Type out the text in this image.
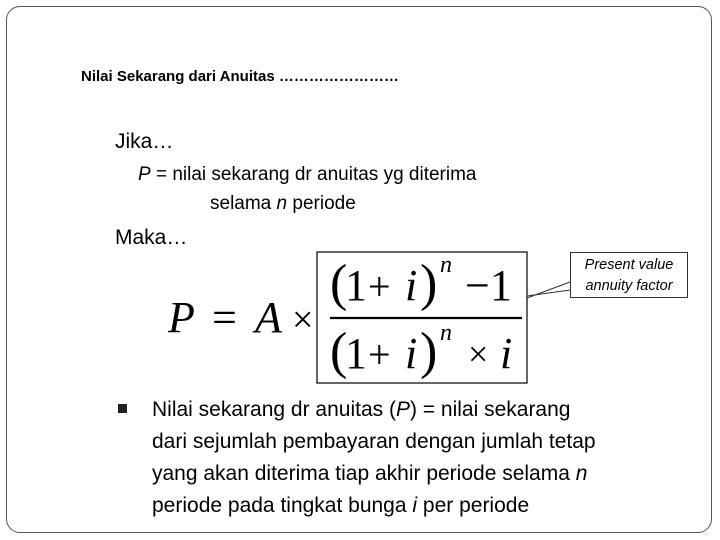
Nilai Sekarang dari Anuitas ……………………
Jika…
P = nilai sekarang dr anuitas yg diterima
selama n periode
Maka…
P = A ×
(
1 + i ) n −1
(
1 + i ) n
× i
Present value
annuity factor
Nilai sekarang dr anuitas (P) = nilai sekarang
dari sejumlah pembayaran dengan jumlah tetap
yang akan diterima tiap akhir periode selama n
periode pada tingkat bunga i per periode
